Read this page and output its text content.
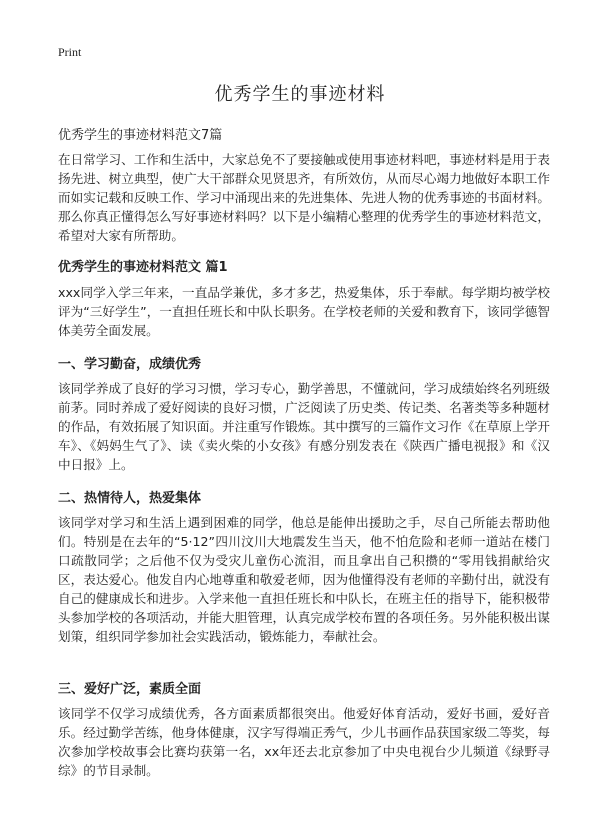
Print
优秀学生的事迹材料
优秀学生的事迹材料范文7篇

在日常学习、工作和生活中，大家总免不了要接触或使用事迹材料吧，事迹材料是用于表扬先进、树立典型，使广大干部群众见贤思齐，有所效仿，从而尽心竭力地做好本职工作而如实记载和反映工作、学习中涌现出来的先进集体、先进人物的优秀事迹的书面材料。那么你真正懂得怎么写好事迹材料吗？以下是小编精心整理的优秀学生的事迹材料范文，希望对大家有所帮助。

优秀学生的事迹材料范文 篇1

xxx同学入学三年来，一直品学兼优，多才多艺，热爱集体，乐于奉献。每学期均被学校评为“三好学生”，一直担任班长和中队长职务。在学校老师的关爱和教育下，该同学德智体美劳全面发展。

一、学习勤奋，成绩优秀

该同学养成了良好的学习习惯，学习专心，勤学善思，不懂就问，学习成绩始终名列班级前茅。同时养成了爱好阅读的良好习惯，广泛阅读了历史类、传记类、名著类等多种题材的作品，有效拓展了知识面。并注重写作锻炼。其中撰写的三篇作文习作《在草原上学开车》、《妈妈生气了》、读《卖火柴的小女孩》有感分别发表在《陕西广播电视报》和《汉中日报》上。

二、热情待人，热爱集体

该同学对学习和生活上遇到困难的同学，他总是能伸出援助之手，尽自己所能去帮助他们。特别是在去年的“5·12”四川汶川大地震发生当天，他不怕危险和老师一道站在楼门口疏散同学；之后他不仅为受灾儿童伤心流泪，而且拿出自己积攒的“零用钱捐献给灾区，表达爱心。他发自内心地尊重和敬爱老师，因为他懂得没有老师的辛勤付出，就没有自己的健康成长和进步。入学来他一直担任班长和中队长，在班主任的指导下，能积极带头参加学校的各项活动，并能大胆管理，认真完成学校布置的各项任务。另外能积极出谋划策，组织同学参加社会实践活动，锻炼能力，奉献社会。

三、爱好广泛，素质全面

该同学不仅学习成绩优秀，各方面素质都很突出。他爱好体育活动，爱好书画，爱好音乐。经过勤学苦练，他身体健康，汉字写得端正秀气，少儿书画作品获国家级二等奖，每次参加学校故事会比赛均获第一名，xx年还去北京参加了中央电视台少儿频道《绿野寻综》的节目录制。
